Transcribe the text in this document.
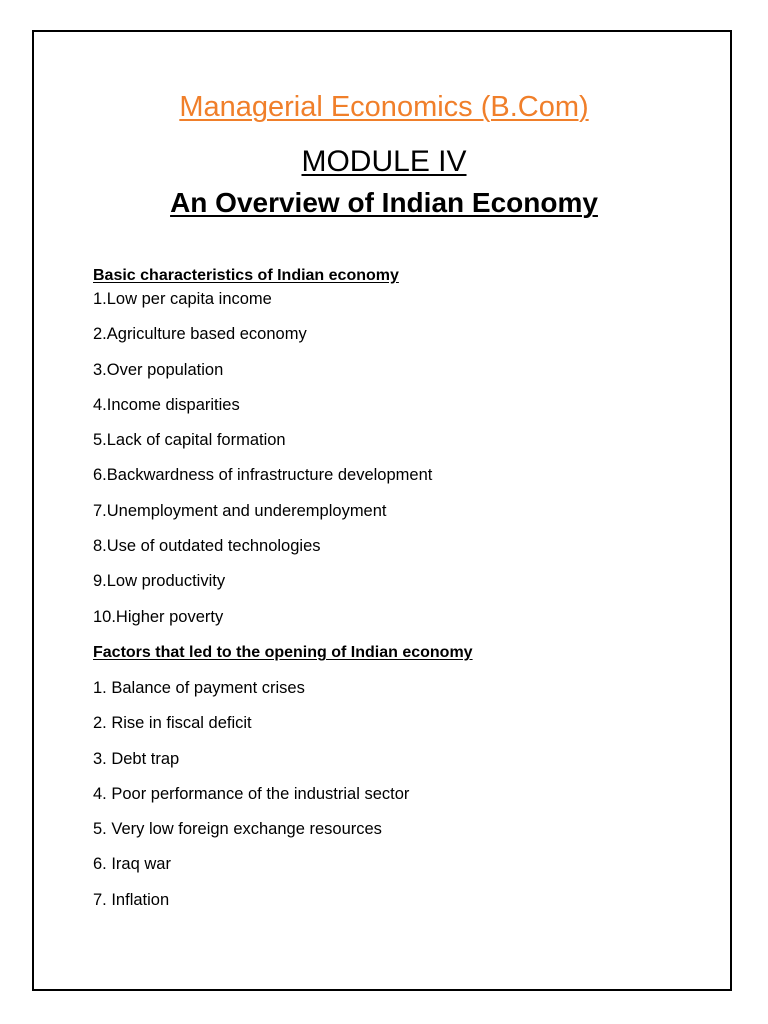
Managerial Economics (B.Com)
MODULE IV
An Overview of Indian Economy
Basic characteristics of Indian economy
1.Low per capita income
2.Agriculture based economy
3.Over population
4.Income disparities
5.Lack of capital formation
6.Backwardness of infrastructure development
7.Unemployment and underemployment
8.Use of outdated technologies
9.Low productivity
10.Higher poverty
Factors that led to the opening of Indian economy
1. Balance of payment crises
2. Rise in fiscal deficit
3. Debt trap
4. Poor performance of the industrial sector
5. Very low foreign exchange resources
6. Iraq war
7. Inflation
